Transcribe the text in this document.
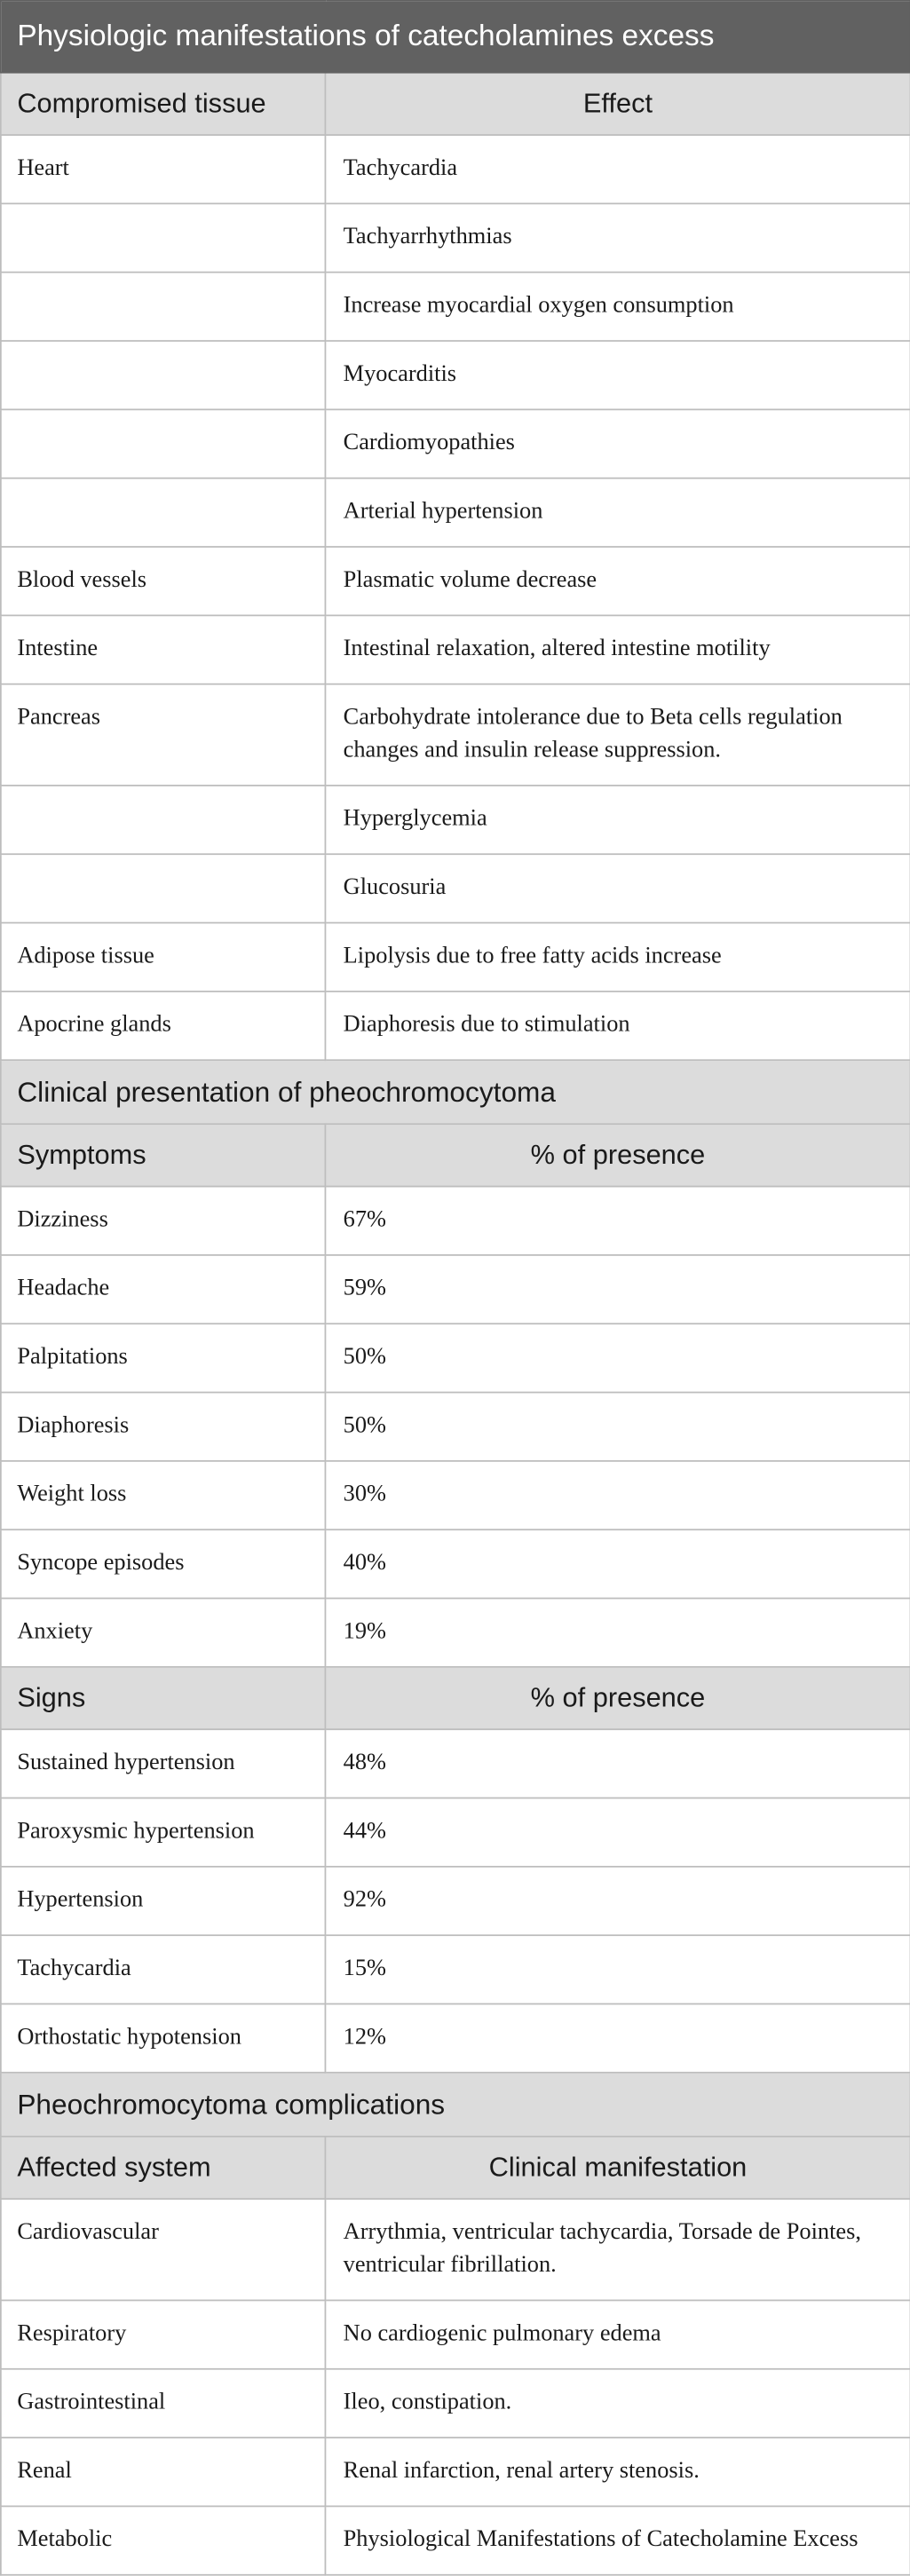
Physiologic manifestations of catecholamines excess	
Compromised tissue	Effect
Heart	Tachycardia
	Tachyarrhythmias
	Increase myocardial oxygen consumption
	Myocarditis
	Cardiomyopathies
	Arterial hypertension
Blood vessels	Plasmatic volume decrease
Intestine	Intestinal relaxation, altered intestine motility
Pancreas	Carbohydrate intolerance due to Beta cells regulation changes and insulin release suppression.
	Hyperglycemia
	Glucosuria
Adipose tissue	Lipolysis due to free fatty acids increase
Apocrine glands	Diaphoresis due to stimulation
Clinical presentation of pheochromocytoma	
Symptoms	% of presence
Dizziness	67%
Headache	59%
Palpitations	50%
Diaphoresis	50%
Weight loss	30%
Syncope episodes	40%
Anxiety	19%
Signs	% of presence
Sustained hypertension	48%
Paroxysmic hypertension	44%
Hypertension	92%
Tachycardia	15%
Orthostatic hypotension	12%
Pheochromocytoma complications	
Affected system	Clinical manifestation
Cardiovascular	Arrythmia, ventricular tachycardia, Torsade de Pointes, ventricular fibrillation.
Respiratory	No cardiogenic pulmonary edema
Gastrointestinal	Ileo, constipation.
Renal	Renal infarction, renal artery stenosis.
Metabolic	Physiological Manifestations of Catecholamine Excess
